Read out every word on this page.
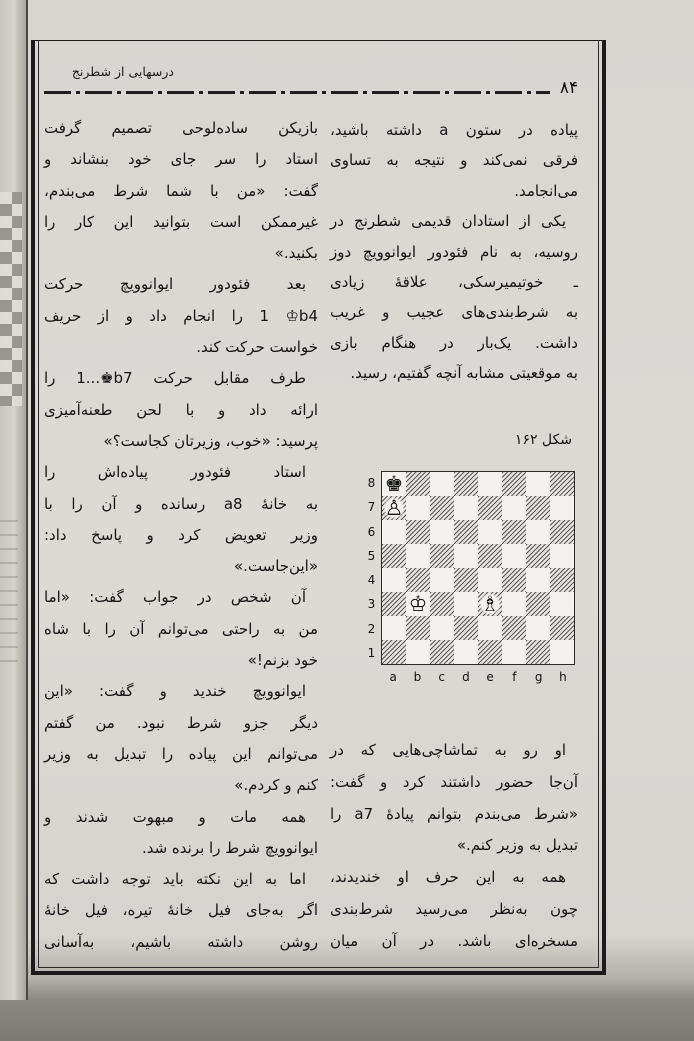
درسهایی از شطرنج
۸۴
پیاده در ستون a داشته باشید،
فرقی نمی‌کند و نتیجه به تساوی
می‌انجامد.
یکی از استادان قدیمی شطرنج در
روسیه، به نام فئودور ایوانوویچ دوز
ـ خوتیمیرسکی، علاقهٔ زیادی
به شرط‌بندی‌های عجیب و غریب
داشت. یک‌بار در هنگام بازی
به موقعیتی مشابه آنچه گفتیم، رسید.
شکل ۱۶۲
8
7
6
5
4
3
2
1
♚
♙
♔	♗
a	b	c	d	e	f	g	h
او رو به تماشاچی‌هایی که در
آن‌جا حضور داشتند کرد و گفت:
«شرط می‌بندم بتوانم پیادهٔ a7 را
تبدیل به وزیر کنم.»
همه به این حرف او خندیدند،
چون به‌نظر می‌رسید شرط‌بندی
مسخره‌ای باشد. در آن میان
بازیکن ساده‌لوحی تصمیم گرفت
استاد را سر جای خود بنشاند و
گفت: «من با شما شرط می‌بندم،
غیرممکن است بتوانید این کار را
بکنید.»
بعد فئودور ایوانوویچ حرکت
1 ♔b4 را انجام داد و از حریف
خواست حرکت کند.
طرف مقابل حرکت 1...♚b7 را
ارائه داد و با لحن طعنه‌آمیزی
پرسید: «خوب، وزیرتان کجاست؟»
استاد فئودور پیاده‌اش را
به خانهٔ a8 رسانده و آن را با
وزیر تعویض کرد و پاسخ داد:
«این‌جاست.»
آن شخص در جواب گفت: «اما
من به راحتی می‌توانم آن را با شاه
خود بزنم!»
ایوانوویچ خندید و گفت: «این
دیگر جزو شرط نبود. من گفتم
می‌توانم این پیاده را تبدیل به وزیر
کنم و کردم.»
همه مات و مبهوت شدند و
ایوانوویچ شرط را برنده شد.
اما به این نکته باید توجه داشت که
اگر به‌جای فیل خانهٔ تیره، فیل خانهٔ
روشن داشته باشیم، به‌آسانی
